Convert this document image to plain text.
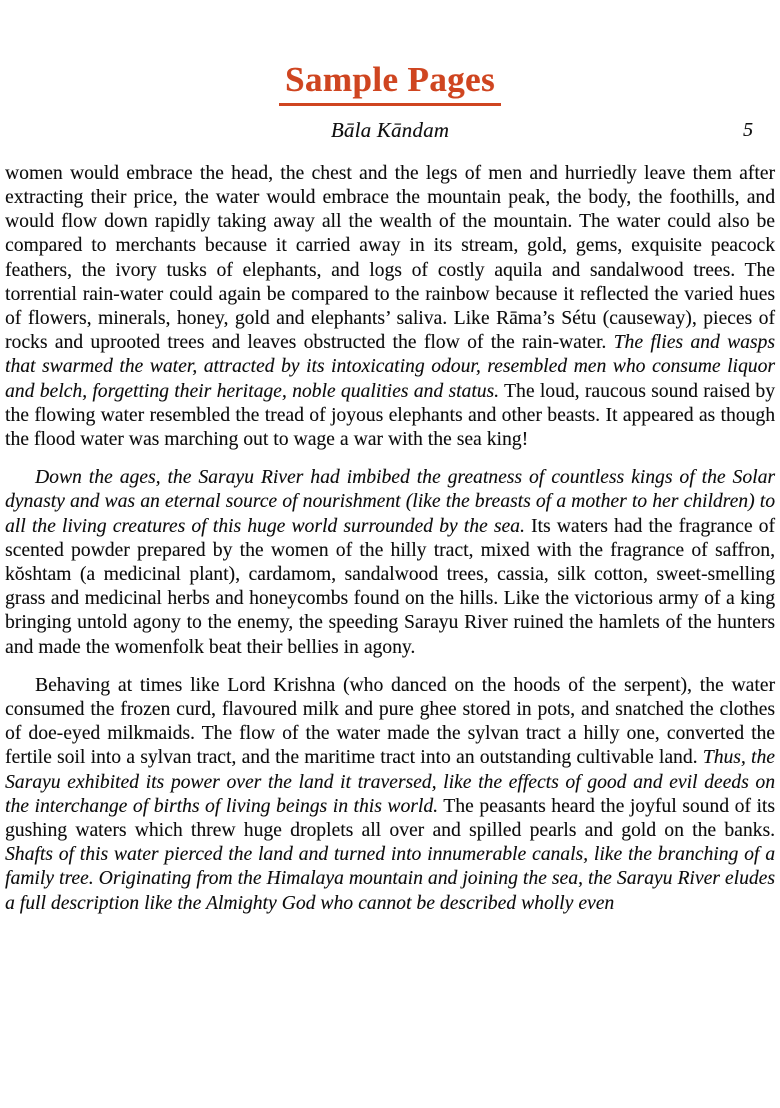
Sample Pages
Bāla Kāndam	5

women would embrace the head, the chest and the legs of men and hurriedly leave them after extracting their price, the water would embrace the mountain peak, the body, the foothills, and would flow down rapidly taking away all the wealth of the mountain. The water could also be compared to merchants because it carried away in its stream, gold, gems, exquisite peacock feathers, the ivory tusks of elephants, and logs of costly aquila and sandalwood trees. The torrential rain-water could again be compared to the rainbow because it reflected the varied hues of flowers, minerals, honey, gold and elephants’ saliva. Like Rāma’s Sétu (causeway), pieces of rocks and uprooted trees and leaves obstructed the flow of the rain-water. The flies and wasps that swarmed the water, attracted by its intoxicating odour, resembled men who consume liquor and belch, forgetting their heritage, noble qualities and status. The loud, raucous sound raised by the flowing water resembled the tread of joyous elephants and other beasts. It appeared as though the flood water was marching out to wage a war with the sea king!

Down the ages, the Sarayu River had imbibed the greatness of countless kings of the Solar dynasty and was an eternal source of nourishment (like the breasts of a mother to her children) to all the living creatures of this huge world surrounded by the sea. Its waters had the fragrance of scented powder prepared by the women of the hilly tract, mixed with the fragrance of saffron, kŏshtam (a medicinal plant), cardamom, sandalwood trees, cassia, silk cotton, sweet-smelling grass and medicinal herbs and honeycombs found on the hills. Like the victorious army of a king bringing untold agony to the enemy, the speeding Sarayu River ruined the hamlets of the hunters and made the womenfolk beat their bellies in agony.

Behaving at times like Lord Krishna (who danced on the hoods of the serpent), the water consumed the frozen curd, flavoured milk and pure ghee stored in pots, and snatched the clothes of doe-eyed milkmaids. The flow of the water made the sylvan tract a hilly one, converted the fertile soil into a sylvan tract, and the maritime tract into an outstanding cultivable land. Thus, the Sarayu exhibited its power over the land it traversed, like the effects of good and evil deeds on the interchange of births of living beings in this world. The peasants heard the joyful sound of its gushing waters which threw huge droplets all over and spilled pearls and gold on the banks. Shafts of this water pierced the land and turned into innumerable canals, like the branching of a family tree. Originating from the Himalaya mountain and joining the sea, the Sarayu River eludes a full description like the Almighty God who cannot be described wholly even
